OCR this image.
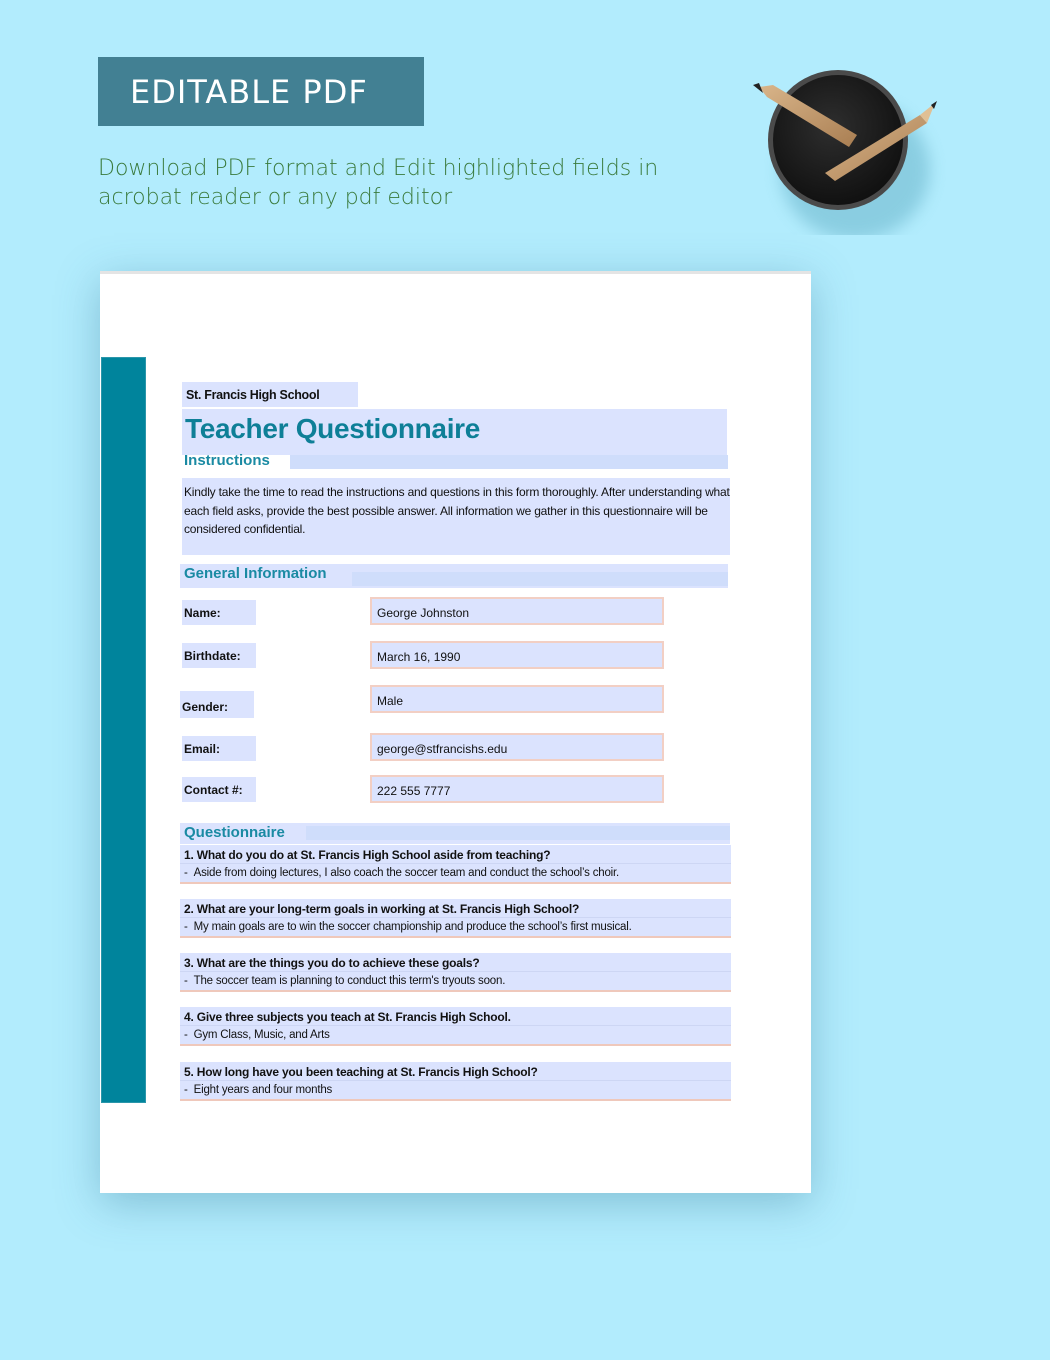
EDITABLE PDF
Download PDF format and Edit highlighted fields in acrobat reader or any pdf editor
St. Francis High School
Teacher Questionnaire
Instructions
Kindly take the time to read the instructions and questions in this form thoroughly. After understanding what each field asks, provide the best possible answer. All information we gather in this questionnaire will be considered confidential.
General Information
Name:	George Johnston
Birthdate:	March 16, 1990
Gender:	Male
Email:	george@stfrancishs.edu
Contact #:	222 555 7777
Questionnaire
1. What do you do at St. Francis High School aside from teaching?
- Aside from doing lectures, I also coach the soccer team and conduct the school’s choir.
2. What are your long-term goals in working at St. Francis High School?
- My main goals are to win the soccer championship and produce the school’s first musical.
3. What are the things you do to achieve these goals?
- The soccer team is planning to conduct this term's tryouts soon.
4. Give three subjects you teach at St. Francis High School.
- Gym Class, Music, and Arts
5. How long have you been teaching at St. Francis High School?
- Eight years and four months
